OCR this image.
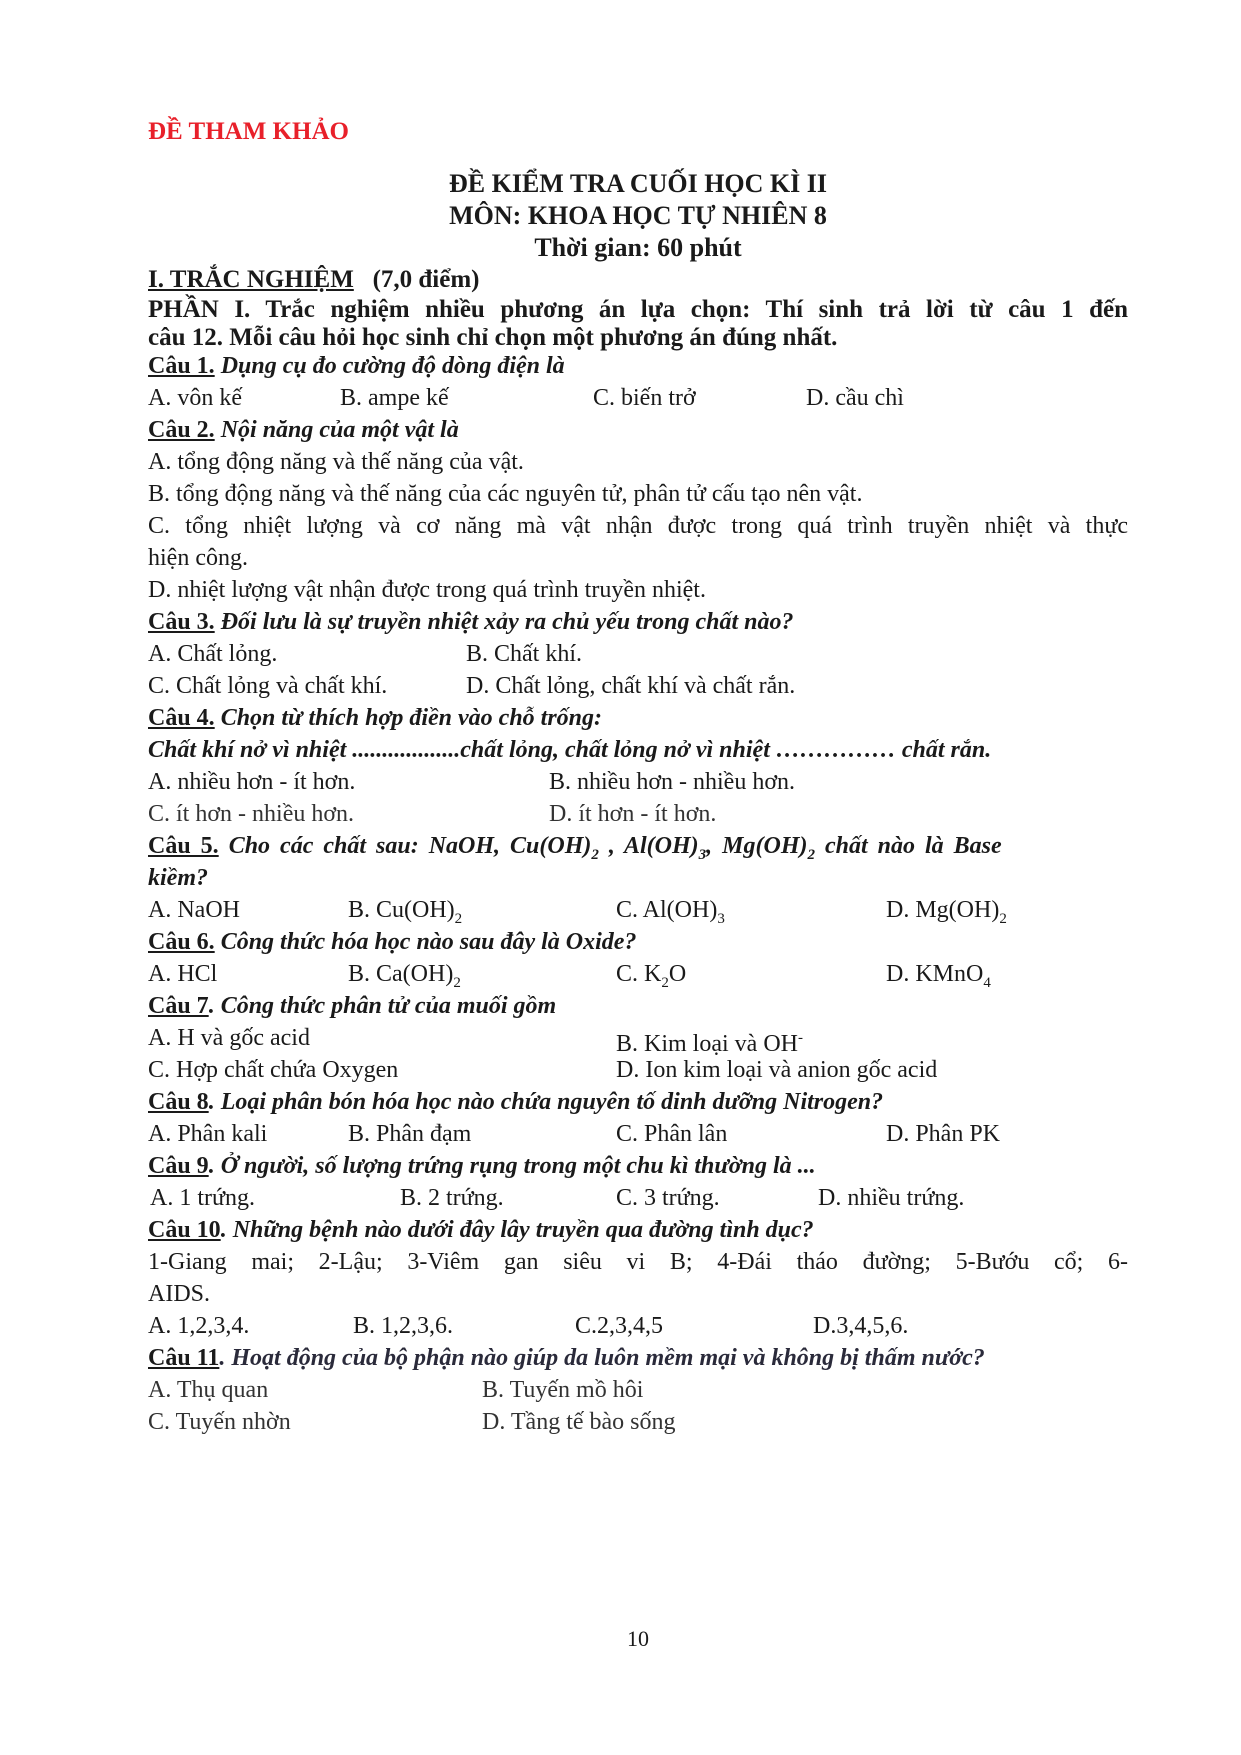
ĐỀ THAM KHẢO
ĐỀ KIỂM TRA CUỐI HỌC KÌ II
MÔN: KHOA HỌC TỰ NHIÊN 8
Thời gian: 60 phút
I. TRẮC NGHIỆM (7,0 điểm)
PHẦN I. Trắc nghiệm nhiều phương án lựa chọn: Thí sinh trả lời từ câu 1 đến
câu 12. Mỗi câu hỏi học sinh chỉ chọn một phương án đúng nhất.
Câu 1. Dụng cụ đo cường độ dòng điện là
A. vôn kế	B. ampe kế	C. biến trở	D. cầu chì
Câu 2. Nội năng của một vật là
A. tổng động năng và thế năng của vật.
B. tổng động năng và thế năng của các nguyên tử, phân tử cấu tạo nên vật.
C. tổng nhiệt lượng và cơ năng mà vật nhận được trong quá trình truyền nhiệt và thực
hiện công.
D. nhiệt lượng vật nhận được trong quá trình truyền nhiệt.
Câu 3. Đối lưu là sự truyền nhiệt xảy ra chủ yếu trong chất nào?
A. Chất lỏng.	B. Chất khí.
C. Chất lỏng và chất khí.	D. Chất lỏng, chất khí và chất rắn.
Câu 4. Chọn từ thích hợp điền vào chỗ trống:
Chất khí nở vì nhiệt ..................chất lỏng, chất lỏng nở vì nhiệt …………… chất rắn.
A. nhiều hơn - ít hơn.	B. nhiều hơn - nhiều hơn.
C. ít hơn - nhiều hơn.	D. ít hơn - ít hơn.
Câu 5. Cho các chất sau: NaOH, $Cu(OH)_2$ , $Al(OH)_3$, $Mg(OH)_2$ chất nào là Base
kiềm?
A. NaOH	B. $Cu(OH)_2$	C. $Al(OH)_3$	D. $Mg(OH)_2$
Câu 6. Công thức hóa học nào sau đây là Oxide?
A. HCl	B. $Ca(OH)_2$	C. $K_2O$	D. KMnO$_4$
Câu 7. Công thức phân tử của muối gồm
A. H và gốc acid	B. Kim loại và OH-
C. Hợp chất chứa Oxygen	D. Ion kim loại và anion gốc acid
Câu 8. Loại phân bón hóa học nào chứa nguyên tố dinh dưỡng Nitrogen?
A. Phân kali	B. Phân đạm	C. Phân lân	D. Phân PK
Câu 9. Ở người, số lượng trứng rụng trong một chu kì thường là ...
A. 1 trứng.	B. 2 trứng.	C. 3 trứng.	D. nhiều trứng.
Câu 10. Những bệnh nào dưới đây lây truyền qua đường tình dục?
1-Giang mai; 2-Lậu; 3-Viêm gan siêu vi B; 4-Đái tháo đường; 5-Bướu cổ; 6-
AIDS.
A. 1,2,3,4.	B. 1,2,3,6.	C.2,3,4,5	D.3,4,5,6.
Câu 11. Hoạt động của bộ phận nào giúp da luôn mềm mại và không bị thấm nước?
A. Thụ quan	B. Tuyến mồ hôi
C. Tuyến nhờn	D. Tầng tế bào sống
10
